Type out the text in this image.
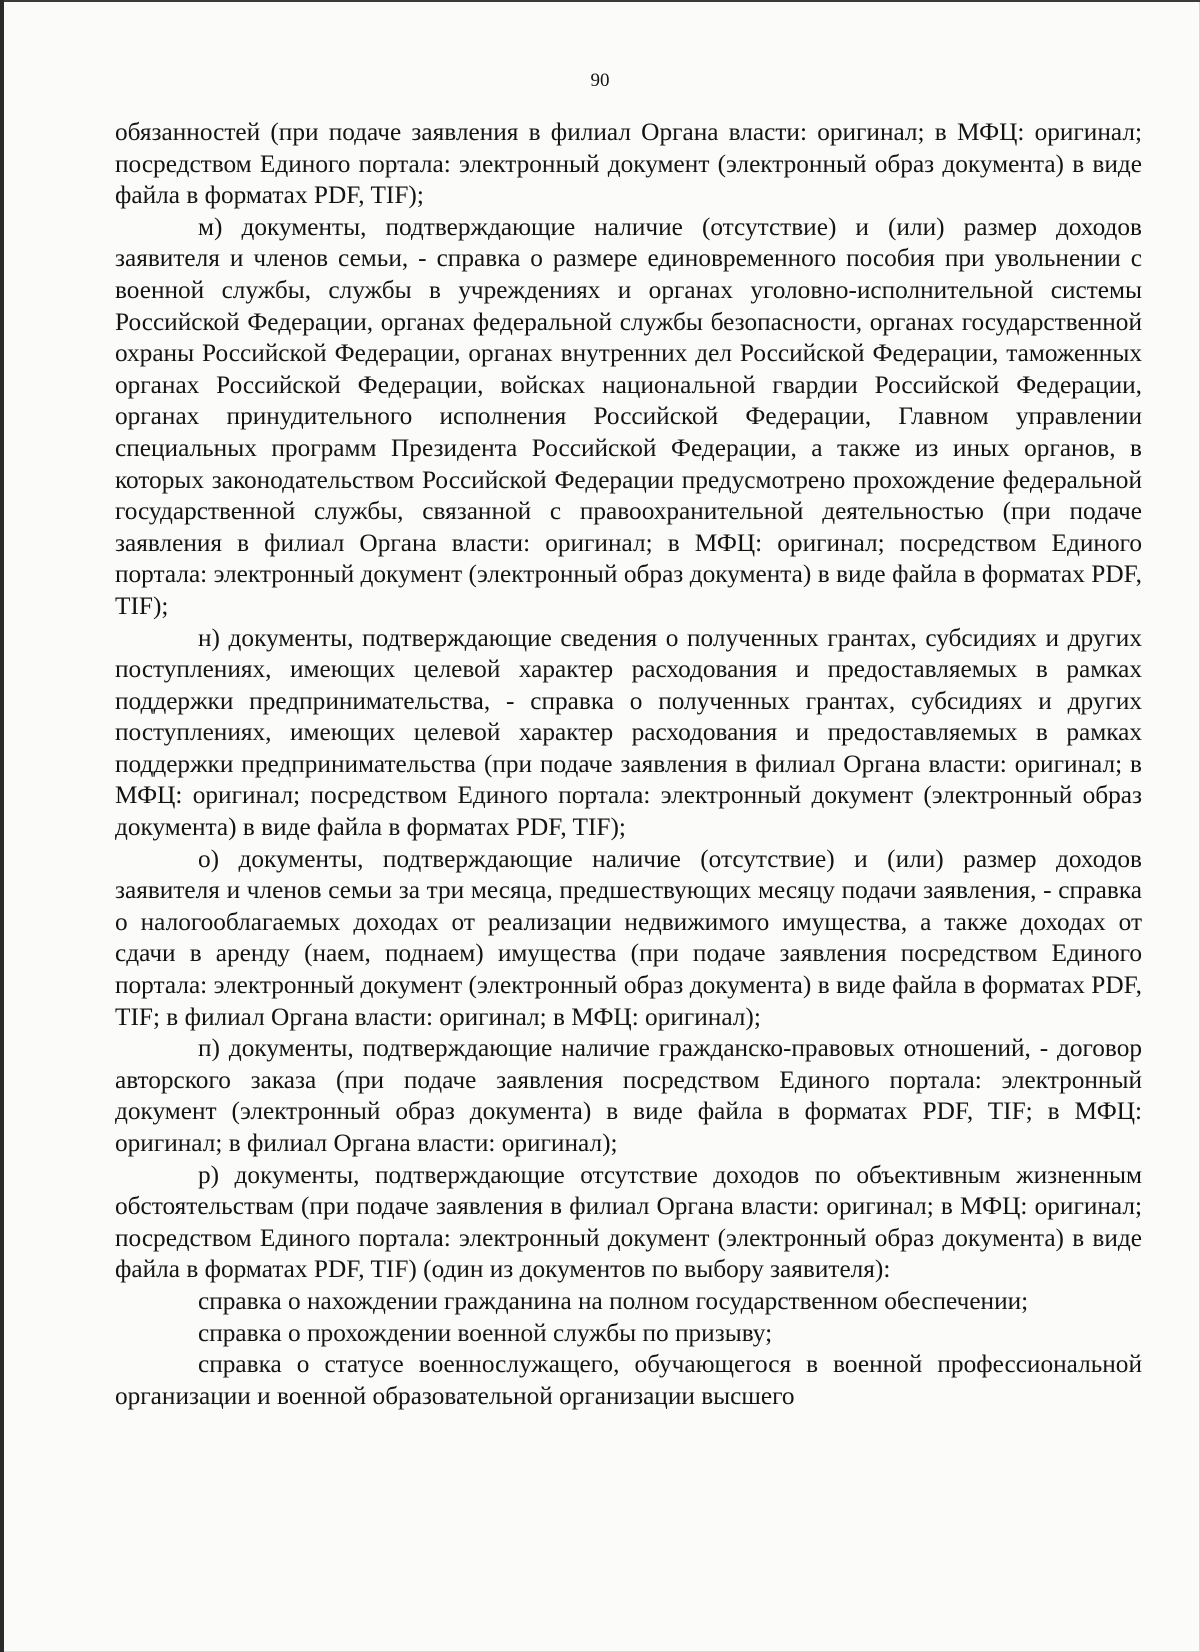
90

обязанностей (при подаче заявления в филиал Органа власти: оригинал; в МФЦ: оригинал; посредством Единого портала: электронный документ (электронный образ документа) в виде файла в форматах PDF, TIF);

м) документы, подтверждающие наличие (отсутствие) и (или) размер доходов заявителя и членов семьи, - справка о размере единовременного пособия при увольнении с военной службы, службы в учреждениях и органах уголовно-исполнительной системы Российской Федерации, органах федеральной службы безопасности, органах государственной охраны Российской Федерации, органах внутренних дел Российской Федерации, таможенных органах Российской Федерации, войсках национальной гвардии Российской Федерации, органах принудительного исполнения Российской Федерации, Главном управлении специальных программ Президента Российской Федерации, а также из иных органов, в которых законодательством Российской Федерации предусмотрено прохождение федеральной государственной службы, связанной с правоохранительной деятельностью (при подаче заявления в филиал Органа власти: оригинал; в МФЦ: оригинал; посредством Единого портала: электронный документ (электронный образ документа) в виде файла в форматах PDF, TIF);

н) документы, подтверждающие сведения о полученных грантах, субсидиях и других поступлениях, имеющих целевой характер расходования и предоставляемых в рамках поддержки предпринимательства, - справка о полученных грантах, субсидиях и других поступлениях, имеющих целевой характер расходования и предоставляемых в рамках поддержки предпринимательства (при подаче заявления в филиал Органа власти: оригинал; в МФЦ: оригинал; посредством Единого портала: электронный документ (электронный образ документа) в виде файла в форматах PDF, TIF);

о) документы, подтверждающие наличие (отсутствие) и (или) размер доходов заявителя и членов семьи за три месяца, предшествующих месяцу подачи заявления, - справка о налогооблагаемых доходах от реализации недвижимого имущества, а также доходах от сдачи в аренду (наем, поднаем) имущества (при подаче заявления посредством Единого портала: электронный документ (электронный образ документа) в виде файла в форматах PDF, TIF; в филиал Органа власти: оригинал; в МФЦ: оригинал);

п) документы, подтверждающие наличие гражданско-правовых отношений, - договор авторского заказа (при подаче заявления посредством Единого портала: электронный документ (электронный образ документа) в виде файла в форматах PDF, TIF; в МФЦ: оригинал; в филиал Органа власти: оригинал);

р) документы, подтверждающие отсутствие доходов по объективным жизненным обстоятельствам (при подаче заявления в филиал Органа власти: оригинал; в МФЦ: оригинал; посредством Единого портала: электронный документ (электронный образ документа) в виде файла в форматах PDF, TIF) (один из документов по выбору заявителя):

справка о нахождении гражданина на полном государственном обеспечении;

справка о прохождении военной службы по призыву;

справка о статусе военнослужащего, обучающегося в военной профессиональной организации и военной образовательной организации высшего
